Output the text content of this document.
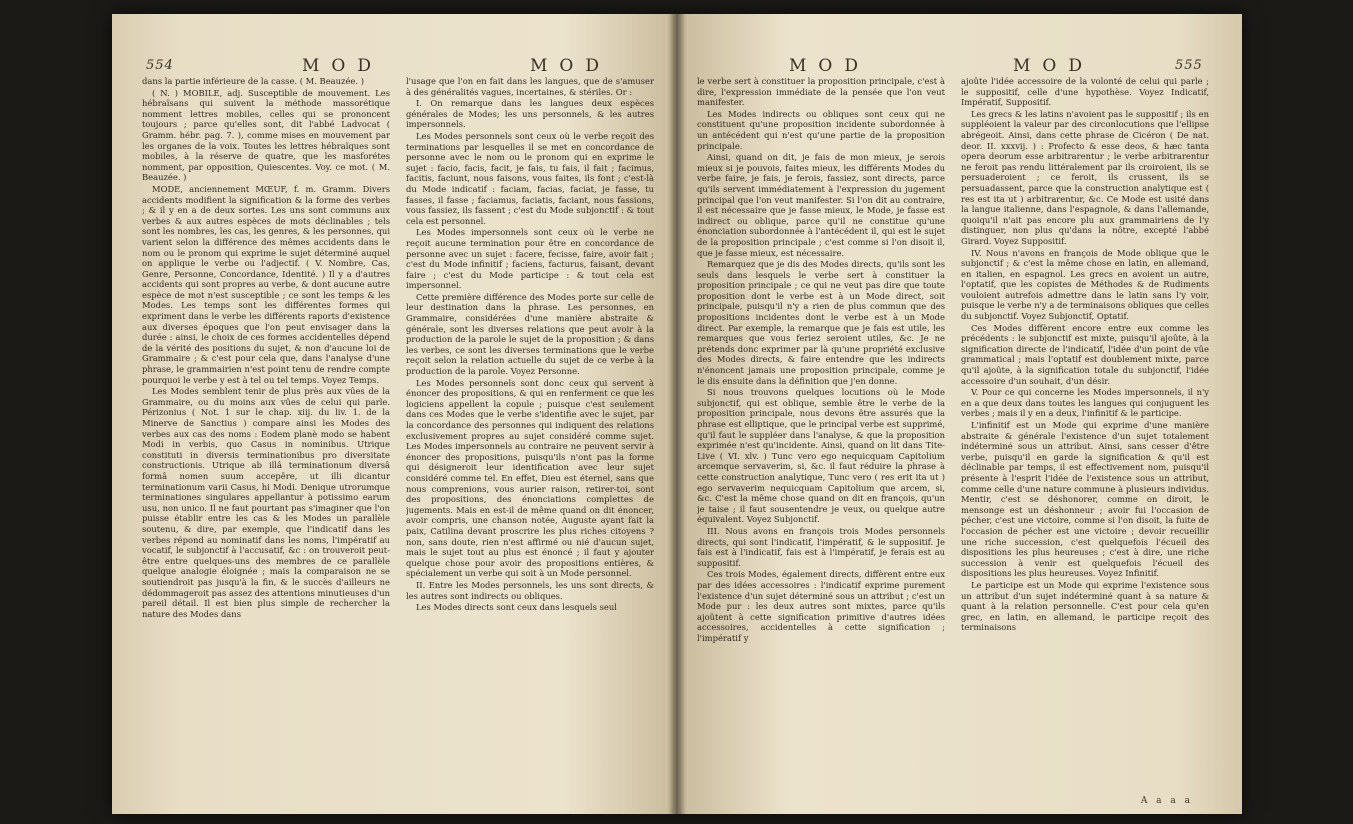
554	MOD	MOD

dans la partie inférieure de la casse. ( M. Beauzée. )

( N. ) MOBILE, adj. Susceptible de mouvement. Les hébraïsans qui suivent la méthode massorétique nomment lettres mobiles, celles qui se prononcent toujours ; parce qu'elles sont, dit l'abbé Ladvocat ( Gramm. hébr. pag. 7. ), comme mises en mouvement par les organes de la voix. Toutes les lettres hébraïques sont mobiles, à la réserve de quatre, que les masforétes nomment, par opposition, Quiescentes. Voy. ce mot. ( M. Beauzée. )

MODE, anciennement MŒUF, f. m. Gramm. Divers accidents modifient la signification & la forme des verbes ; & il y en a de deux sortes. Les uns sont communs aux verbes & aux autres espèces de mots déclinables ; tels sont les nombres, les cas, les genres, & les personnes, qui varient selon la différence des mêmes accidents dans le nom ou le pronom qui exprime le sujet déterminé auquel on applique le verbe ou l'adjectif. ( V. Nombre, Cas, Genre, Personne, Concordance, Identité. ) Il y a d'autres accidents qui sont propres au verbe, & dont aucune autre espèce de mot n'est susceptible ; ce sont les temps & les Modes. Les temps sont les différentes formes qui expriment dans le verbe les différents raports d'existence aux diverses époques que l'on peut envisager dans la durée : ainsi, le choix de ces formes accidentelles dépend de la vérité des positions du sujet, & non d'aucune loi de Grammaire ; & c'est pour cela que, dans l'analyse d'une phrase, le grammairien n'est point tenu de rendre compte pourquoi le verbe y est à tel ou tel temps. Voyez Temps.

Les Modes semblent tenir de plus près aux vûes de la Grammaire, ou du moins aux vûes de celui qui parle. Périzonius ( Not. 1 sur le chap. xiij. du liv. 1. de la Minerve de Sanctius ) compare ainsi les Modes des verbes aux cas des noms : Eodem planè modo se habent Modi in verbis, quo Casus in nominibus. Utrique constituti in diversis terminationibus pro diversitate constructionis. Utrique ab illâ terminationum diversâ formâ nomen suum accepêre, ut illi dicantur terminationum varii Casus, hi Modi. Denique utrorumque terminationes singulares appellantur à potissimo earum usu, non unico. Il ne faut pourtant pas s'imaginer que l'on puisse établir entre les cas & les Modes un parallèle soutenu, & dire, par exemple, que l'indicatif dans les verbes répond au nominatif dans les noms, l'impératif au vocatif, le subjonctif à l'accusatif, &c : on trouveroit peut-être entre quelques-uns des membres de ce parallèle quelque analogie éloignée ; mais la comparaison ne se soutiendroit pas jusqu'à la fin, & le succès d'ailleurs ne dédommageroit pas assez des attentions minutieuses d'un pareil détail. Il est bien plus simple de rechercher la nature des Modes dans

l'usage que l'on en fait dans les langues, que de s'amuser à des généralités vagues, incertaines, & stériles. Or :

I. On remarque dans les langues deux espèces générales de Modes; les uns personnels, & les autres impersonnels.

Les Modes personnels sont ceux où le verbe reçoit des terminations par lesquelles il se met en concordance de personne avec le nom ou le pronom qui en exprime le sujet : facio, facis, facit, je fais, tu fais, il fait ; facimus, facitis, faciunt, nous faisons, vous faites, ils font ; c'est-là du Mode indicatif : faciam, facias, faciat, je fasse, tu fasses, il fasse ; faciamus, faciatis, faciant, nous fassions, vous fassiez, ils fassent ; c'est du Mode subjonctif : & tout cela est personnel.

Les Modes impersonnels sont ceux où le verbe ne reçoit aucune termination pour être en concordance de personne avec un sujet : facere, fecisse, faire, avoir fait ; c'est du Mode infinitif ; faciens, facturus, faisant, devant faire ; c'est du Mode participe : & tout cela est impersonnel.

Cette première différence des Modes porte sur celle de leur destination dans la phrase. Les personnes, en Grammaire, considérées d'une manière abstraite & générale, sont les diverses relations que peut avoir à la production de la parole le sujet de la proposition ; & dans les verbes, ce sont les diverses terminations que le verbe reçoit selon la relation actuelle du sujet de ce verbe à la production de la parole. Voyez Personne.

Les Modes personnels sont donc ceux qui servent à énoncer des propositions, & qui en renferment ce que les logiciens appellent la copule ; puisque c'est seulement dans ces Modes que le verbe s'identifie avec le sujet, par la concordance des personnes qui indiquent des relations exclusivement propres au sujet considéré comme sujet. Les Modes impersonnels au contraire ne peuvent servir à énoncer des propositions, puisqu'ils n'ont pas la forme qui désigneroit leur identification avec leur sujet considéré comme tel. En effet, Dieu est éternel, sans que nous comprenions, vous aurier raison, retirer-toi, sont des propositions, des énonciations complettes de jugements. Mais en est-il de même quand on dit énoncer, avoir compris, une chanson notée, Auguste ayant fait la paix, Catilina devant proscrire les plus riches citoyens ? non, sans doute, rien n'est affirmé ou nié d'aucun sujet, mais le sujet tout au plus est énoncé ; il faut y ajouter quelque chose pour avoir des propositions entières, & spécialement un verbe qui soit à un Mode personnel.

II. Entre les Modes personnels, les uns sont directs, & les autres sont indirects ou obliques.

Les Modes directs sont ceux dans lesquels seul

MOD	MOD	555

le verbe sert à constituer la proposition principale, c'est à dire, l'expression immédiate de la pensée que l'on veut manifester.

Les Modes indirects ou obliques sont ceux qui ne constituent qu'une proposition incidente subordonnée à un antécédent qui n'est qu'une partie de la proposition principale.

Ainsi, quand on dit, je fais de mon mieux, je serois mieux si je pouvois, faites mieux, les différents Modes du verbe faire, je fais, je ferois, fassiez, sont directs, parce qu'ils servent immédiatement à l'expression du jugement principal que l'on veut manifester. Si l'on dit au contraire, il est nécessaire que je fasse mieux, le Mode, je fasse est indirect ou oblique, parce qu'il ne constitue qu'une énonciation subordonnée à l'antécédent il, qui est le sujet de la proposition principale ; c'est comme si l'on disoit il, que je fasse mieux, est nécessaire.

Remarquez que je dis des Modes directs, qu'ils sont les seuls dans lesquels le verbe sert à constituer la proposition principale ; ce qui ne veut pas dire que toute proposition dont le verbe est à un Mode direct, soit principale, puisqu'il n'y a rien de plus commun que des propositions incidentes dont le verbe est à un Mode direct. Par exemple, la remarque que je fais est utile, les remarques que vous feriez seroient utiles, &c. Je ne prétends donc exprimer par là qu'une propriété exclusive des Modes directs, & faire entendre que les indirects n'énoncent jamais une proposition principale, comme je le dis ensuite dans la définition que j'en donne.

Si nous trouvons quelques locutions où le Mode subjonctif, qui est oblique, semble être le verbe de la proposition principale, nous devons être assurés que la phrase est elliptique, que le principal verbe est supprimé, qu'il faut le suppléer dans l'analyse, & que la proposition exprimée n'est qu'incidente. Ainsi, quand on lit dans Tite-Live ( VI. xlv. ) Tunc vero ego nequicquam Capitolium arcemque servaverim, si, &c. il faut réduire la phrase à cette construction analytique, Tunc vero ( res erit ita ut ) ego servaverim nequicquam Capitolium que arcem, si, &c. C'est la même chose quand on dit en françois, qu'un je taise ; il faut sousentendre je veux, ou quelque autre équivalent. Voyez Subjonctif.

III. Nous avons en françois trois Modes personnels directs, qui sont l'indicatif, l'impératif, & le suppositif. Je fais est à l'indicatif, fais est à l'impératif, je ferais est au suppositif.

Ces trois Modes, également directs, diffèrent entre eux par des idées accessoires : l'indicatif exprime purement l'existence d'un sujet déterminé sous un attribut ; c'est un Mode pur : les deux autres sont mixtes, parce qu'ils ajoûtent à cette signification primitive d'autres idées accessoires, accidentelles à cette signification ; l'impératif y

ajoûte l'idée accessoire de la volonté de celui qui parle ; le suppositif, celle d'une hypothèse. Voyez Indicatif, Impératif, Suppositif.

Les grecs & les latins n'avoient pas le suppositif ; ils en suppléoient la valeur par des circonlocutions que l'ellipse abrégeoit. Ainsi, dans cette phrase de Cicéron ( De nat. deor. II. xxxvij. ) : Profecto & esse deos, & hæc tanta opera deorum esse arbitrarentur ; le verbe arbitrarentur ne feroit pas rendu littéralement par ils croiroient, ils se persuaderoient ; ce feroit, ils crussent, ils se persuadassent, parce que la construction analytique est ( res est ita ut ) arbitrarentur, &c. Ce Mode est usité dans la langue italienne, dans l'espagnole, & dans l'allemande, quoiqu'il n'ait pas encore plu aux grammairiens de l'y distinguer, non plus qu'dans la nôtre, excepté l'abbé Girard. Voyez Suppositif.

IV. Nous n'avons en françois de Mode oblique que le subjonctif ; & c'est la même chose en latin, en allemand, en italien, en espagnol. Les grecs en avoient un autre, l'optatif, que les copistes de Méthodes & de Rudiments vouloient autrefois admettre dans le latin sans l'y voir, puisque le verbe n'y a de terminaisons obliques que celles du subjonctif. Voyez Subjonctif, Optatif.

Ces Modes diffèrent encore entre eux comme les précédents : le subjonctif est mixte, puisqu'il ajoûte, à la signification directe de l'indicatif, l'idée d'un point de vûe grammatical ; mais l'optatif est doublement mixte, parce qu'il ajoûte, à la signification totale du subjonctif, l'idée accessoire d'un souhait, d'un désir.

V. Pour ce qui concerne les Modes impersonnels, il n'y en a que deux dans toutes les langues qui conjuguent les verbes ; mais il y en a deux, l'infinitif & le participe.

L'infinitif est un Mode qui exprime d'une manière abstraite & générale l'existence d'un sujet totalement indéterminé sous un attribut. Ainsi, sans cesser d'être verbe, puisqu'il en garde la signification & qu'il est déclinable par temps, il est effectivement nom, puisqu'il présente à l'esprit l'idée de l'existence sous un attribut, comme celle d'une nature commune à plusieurs individus. Mentir, c'est se déshonorer, comme on diroit, le mensonge est un déshonneur ; avoir fui l'occasion de pécher, c'est une victoire, comme si l'on disoit, la fuite de l'occasion de pécher est une victoire ; devoir recueillir une riche succession, c'est quelquefois l'écueil des dispositions les plus heureuses ; c'est à dire, une riche succession à venir est quelquefois l'écueil des dispositions les plus heureuses. Voyez Infinitif.

Le participe est un Mode qui exprime l'existence sous un attribut d'un sujet indéterminé quant à sa nature & quant à la relation personnelle. C'est pour cela qu'en grec, en latin, en allemand, le participe reçoit des terminaisons

A a a a
